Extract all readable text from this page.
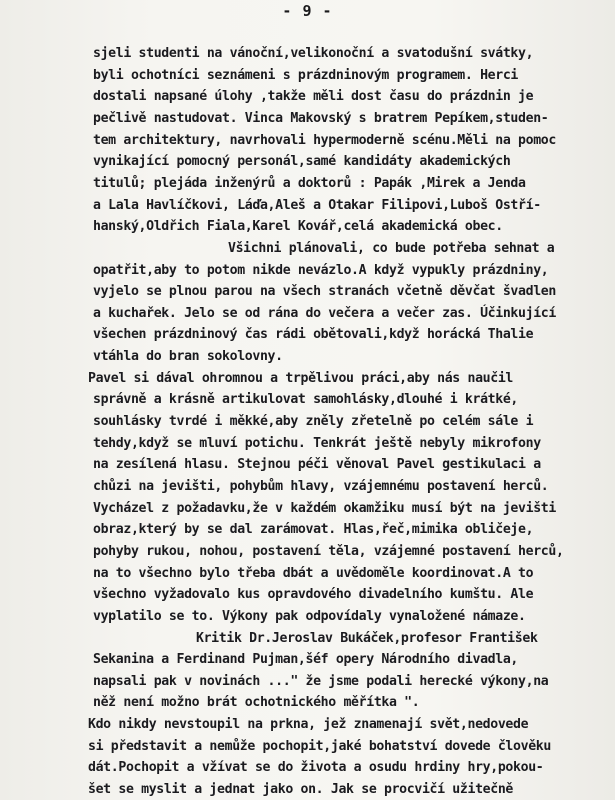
- 9 -
sjeli studenti na vánoční,velikonoční a svatodušní svátky,
byli ochotníci seznámeni s prázdninovým programem. Herci
dostali napsané úlohy ,takže měli dost času do prázdnin je
pečlivě nastudovat. Vinca Makovský s bratrem Pepíkem,studen-
tem architektury, navrhovali hypermoderně scénu.Měli na pomoc
vynikající pomocný personál,samé kandidáty akademických
titulů; plejáda inženýrů a doktorů : Papák ,Mirek a Jenda
a Lala Havlíčkovi, Láďa,Aleš a Otakar Filipovi,Luboš Ostří-
hanský,Oldřich Fiala,Karel Kovář,celá akademická obec.
Všichni plánovali, co bude potřeba sehnat a
opatřit,aby to potom nikde nevázlo.A když vypukly prázdniny,
vyjelo se plnou parou na všech stranách včetně děvčat švadlen
a kuchařek. Jelo se od rána do večera a večer zas. Účinkující
všechen prázdninový čas rádi obětovali,když horácká Thalie
vtáhla do bran sokolovny.
Pavel si dával ohromnou a trpělivou práci,aby nás naučil
správně a krásně artikulovat samohlásky,dlouhé i krátké,
souhlásky tvrdé i měkké,aby zněly zřetelně po celém sále i
tehdy,když se mluví potichu. Tenkrát ještě nebyly mikrofony
na zesílená hlasu. Stejnou péči věnoval Pavel gestikulaci a
chůzi na jevišti, pohybům hlavy, vzájemnému postavení herců.
Vycházel z požadavku,že v každém okamžiku musí být na jevišti
obraz,který by se dal zarámovat. Hlas,řeč,mimika obličeje,
pohyby rukou, nohou, postavení těla, vzájemné postavení herců,
na to všechno bylo třeba dbát a uvědoměle koordinovat.A to
všechno vyžadovalo kus opravdového divadelního kumštu. Ale
vyplatilo se to. Výkony pak odpovídaly vynaložené námaze.
Kritik Dr.Jeroslav Bukáček,profesor František
Sekanina a Ferdinand Pujman,šéf opery Národního divadla,
napsali pak v novinách ..." že jsme podali herecké výkony,na
něž není možno brát ochotnického měřítka ".
Kdo nikdy nevstoupil na prkna, jež znamenají svět,nedovede
si představit a nemůže pochopit,jaké bohatství dovede člověku
dát.Pochopit a vžívat se do života a osudu hrdiny hry,pokou-
šet se myslit a jednat jako on. Jak se procvičí užitečně
